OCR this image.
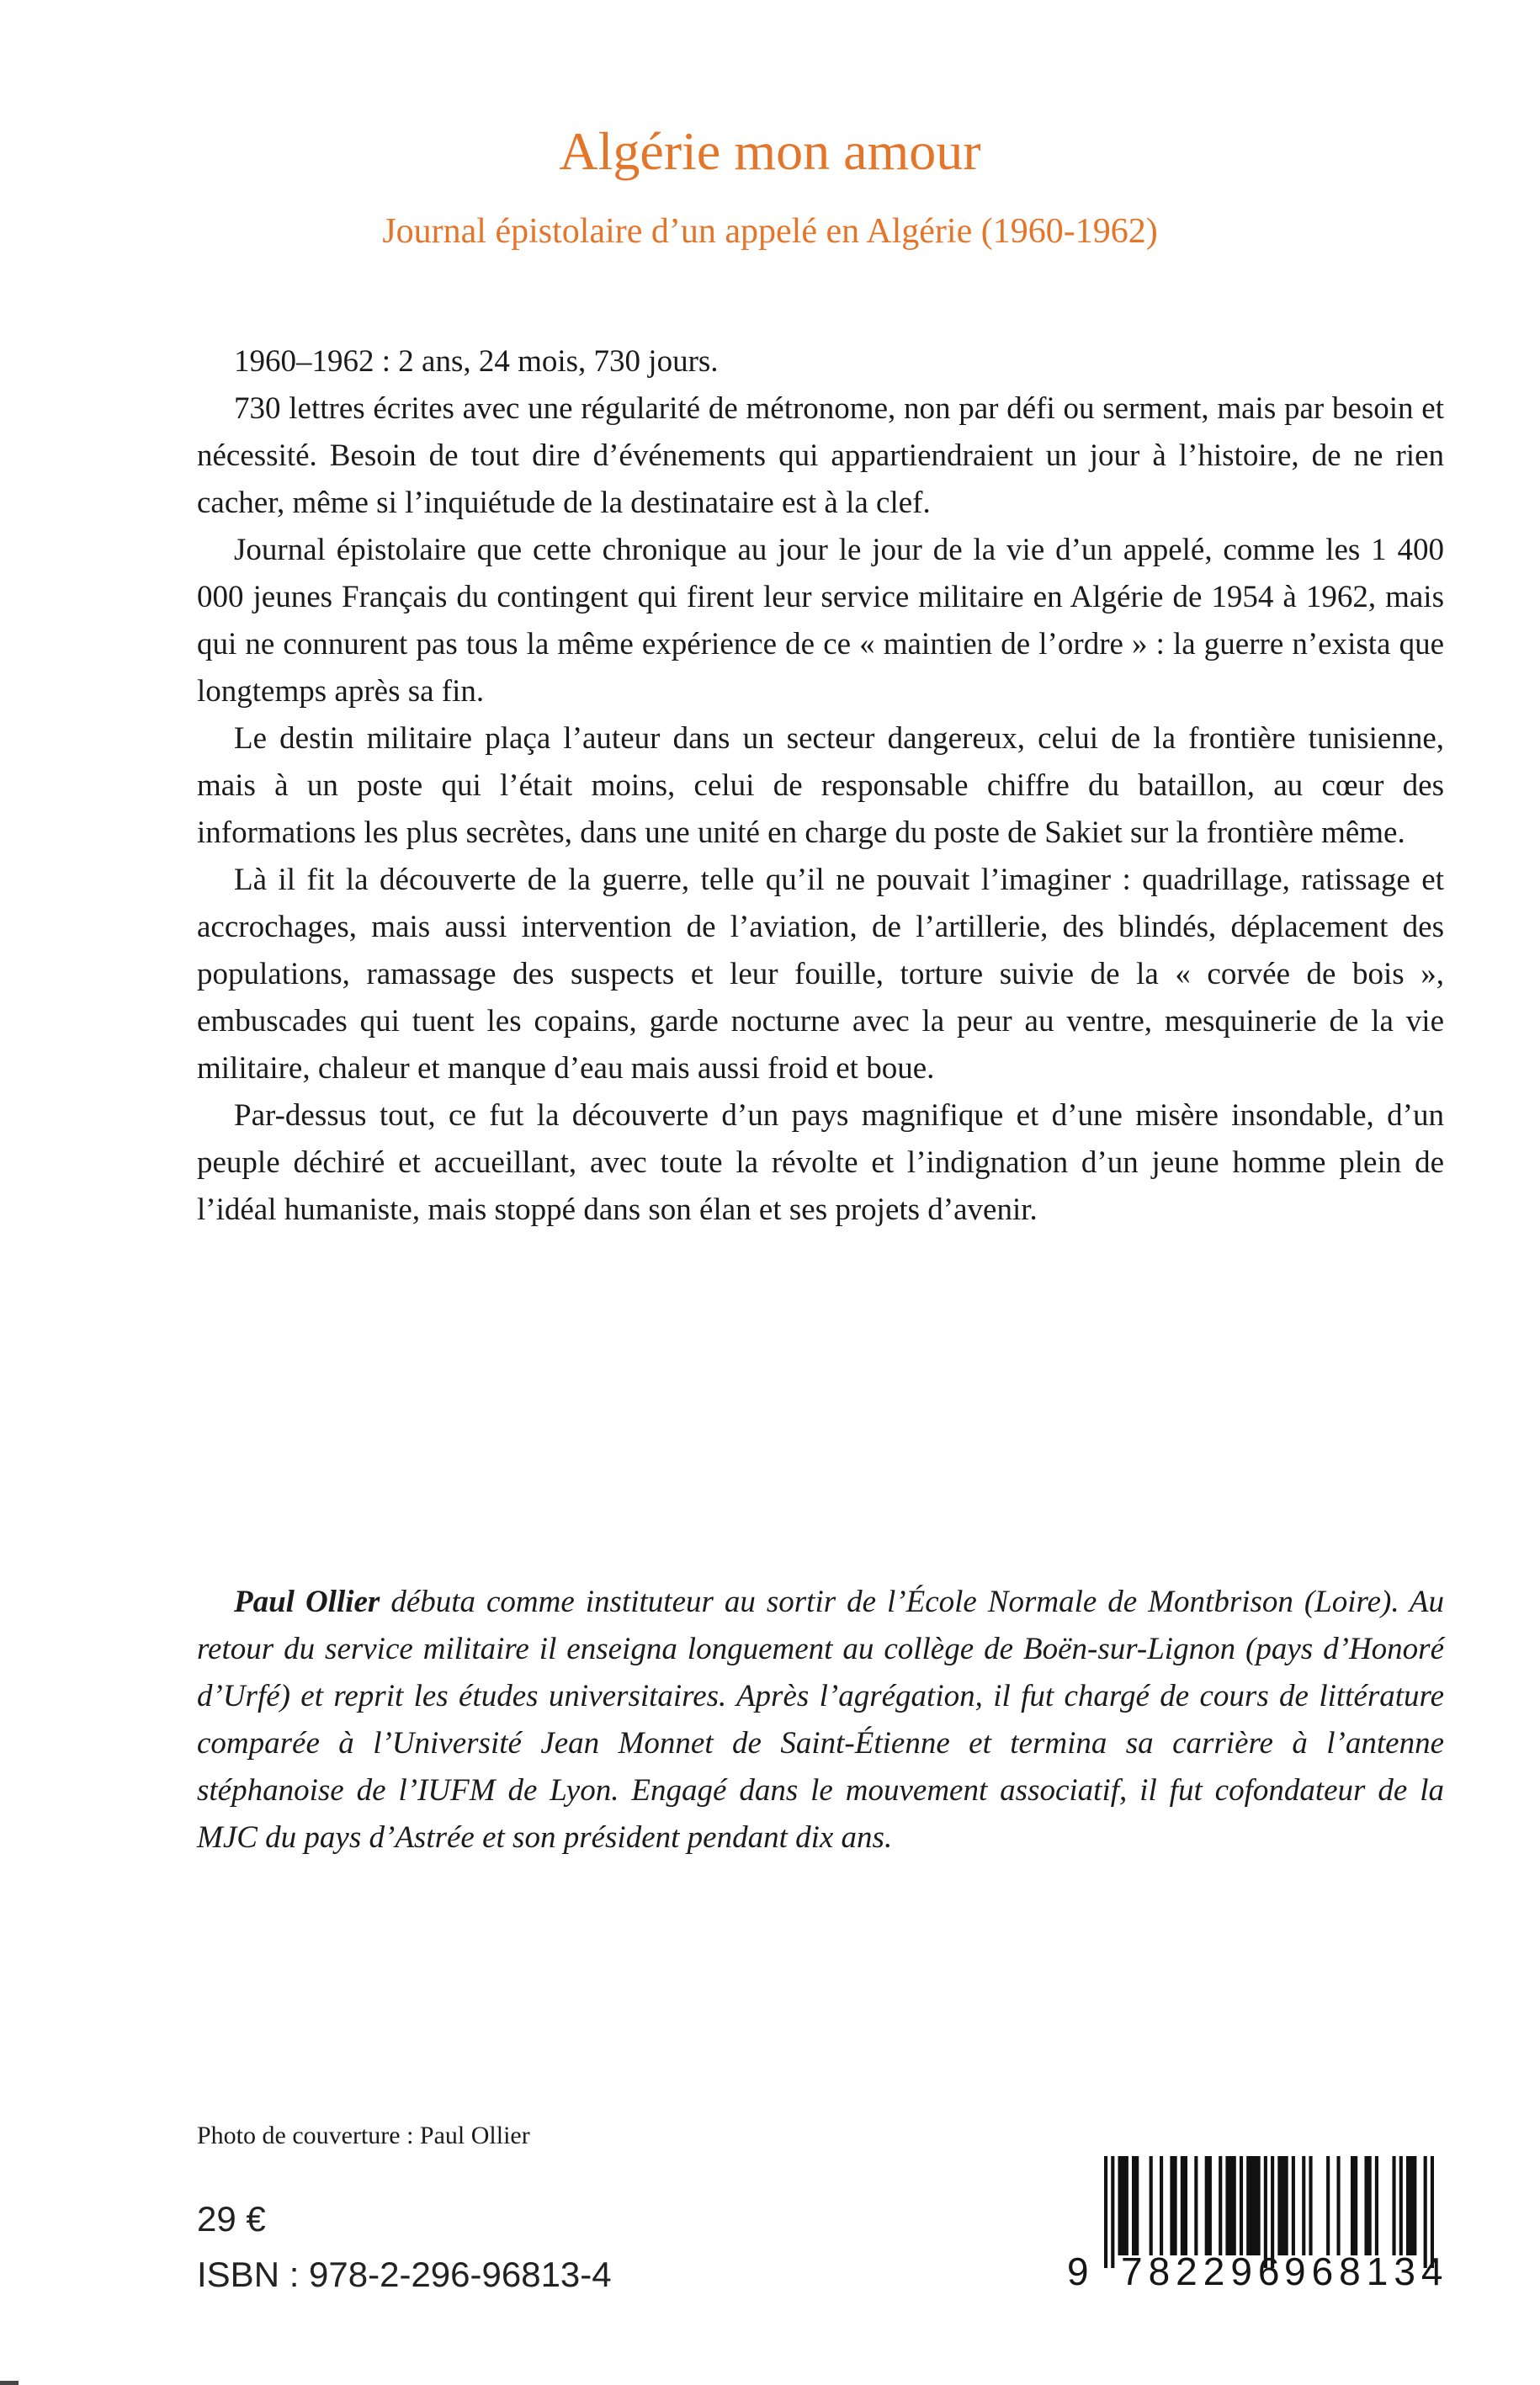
Algérie mon amour
Journal épistolaire d’un appelé en Algérie (1960-1962)

1960–1962 : 2 ans, 24 mois, 730 jours.

730 lettres écrites avec une régularité de métronome, non par défi ou serment, mais par besoin et nécessité. Besoin de tout dire d’événements qui appartiendraient un jour à l’histoire, de ne rien cacher, même si l’inquiétude de la destinataire est à la clef.

Journal épistolaire que cette chronique au jour le jour de la vie d’un appelé, comme les 1 400 000 jeunes Français du contingent qui firent leur service militaire en Algérie de 1954 à 1962, mais qui ne connurent pas tous la même expérience de ce « maintien de l’ordre » : la guerre n’exista que longtemps après sa fin.

Le destin militaire plaça l’auteur dans un secteur dangereux, celui de la frontière tunisienne, mais à un poste qui l’était moins, celui de responsable chiffre du bataillon, au cœur des informations les plus secrètes, dans une unité en charge du poste de Sakiet sur la frontière même.

Là il fit la découverte de la guerre, telle qu’il ne pouvait l’imaginer : quadrillage, ratissage et accrochages, mais aussi intervention de l’aviation, de l’artillerie, des blindés, déplacement des populations, ramassage des suspects et leur fouille, torture suivie de la « corvée de bois », embuscades qui tuent les copains, garde nocturne avec la peur au ventre, mesquinerie de la vie militaire, chaleur et manque d’eau mais aussi froid et boue.

Par-dessus tout, ce fut la découverte d’un pays magnifique et d’une misère insondable, d’un peuple déchiré et accueillant, avec toute la révolte et l’indignation d’un jeune homme plein de l’idéal humaniste, mais stoppé dans son élan et ses projets d’avenir.

Paul Ollier débuta comme instituteur au sortir de l’École Normale de Montbrison (Loire). Au retour du service militaire il enseigna longuement au collège de Boën-sur-Lignon (pays d’Honoré d’Urfé) et reprit les études universitaires. Après l’agrégation, il fut chargé de cours de littérature comparée à l’Université Jean Monnet de Saint-Étienne et termina sa carrière à l’antenne stéphanoise de l’IUFM de Lyon. Engagé dans le mouvement associatif, il fut cofondateur de la MJC du pays d’Astrée et son président pendant dix ans.

Photo de couverture : Paul Ollier
29 €
ISBN : 978-2-296-96813-4	9 782296
968134
